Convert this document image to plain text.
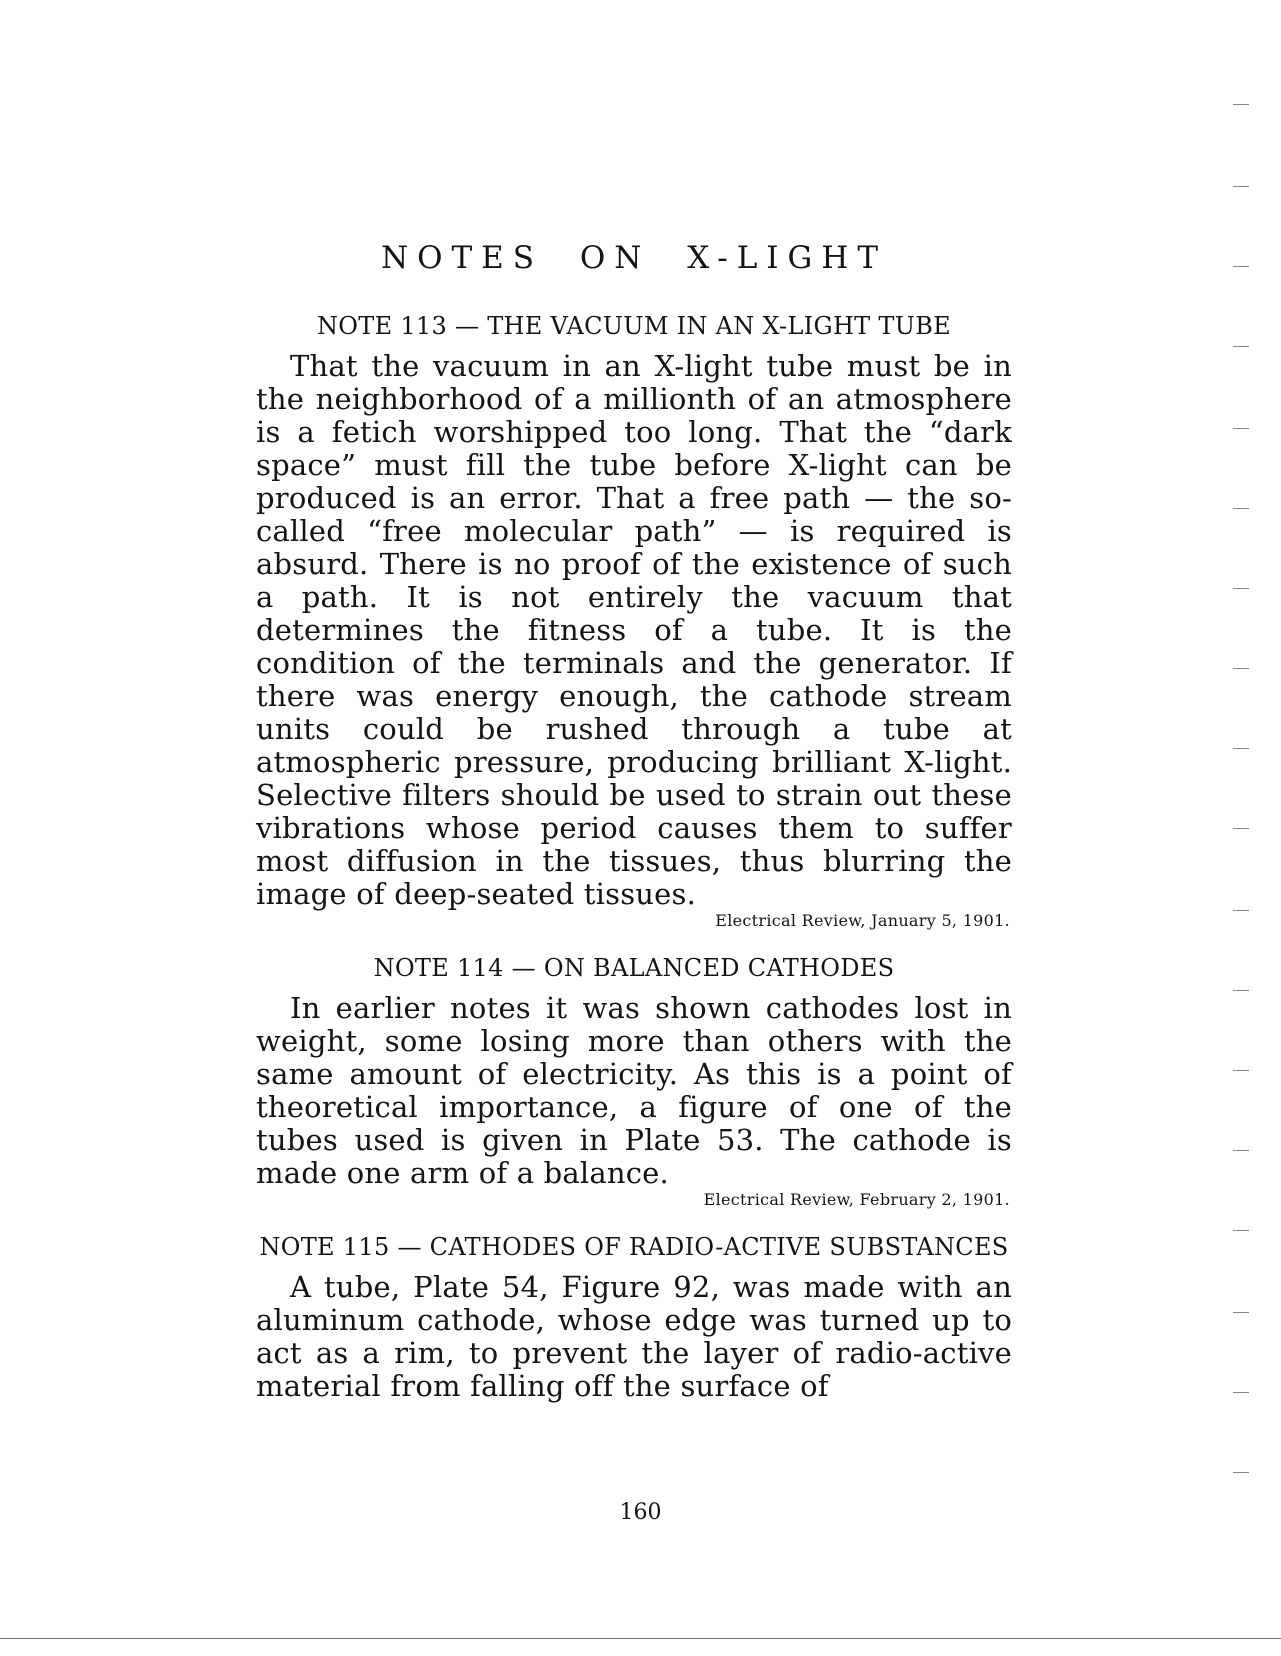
NOTES ON X-LIGHT
NOTE 113 — THE VACUUM IN AN X-LIGHT TUBE

That the vacuum in an X-light tube must be in the neighborhood of a millionth of an atmosphere is a fetich worshipped too long. That the “dark space” must fill the tube before X-light can be produced is an error. That a free path — the so-called “free molecular path” — is required is absurd. There is no proof of the existence of such a path. It is not entirely the vacuum that determines the fitness of a tube. It is the condition of the terminals and the generator. If there was energy enough, the cathode stream units could be rushed through a tube at atmospheric pressure, producing brilliant X-light. Selective filters should be used to strain out these vibrations whose period causes them to suffer most diffusion in the tissues, thus blurring the image of deep-seated tissues.

Electrical Review, January 5, 1901.

NOTE 114 — ON BALANCED CATHODES

In earlier notes it was shown cathodes lost in weight, some losing more than others with the same amount of electricity. As this is a point of theoretical importance, a figure of one of the tubes used is given in Plate 53. The cathode is made one arm of a balance.

Electrical Review, February 2, 1901.

NOTE 115 — CATHODES OF RADIO-ACTIVE SUBSTANCES

A tube, Plate 54, Figure 92, was made with an aluminum cathode, whose edge was turned up to act as a rim, to prevent the layer of radio-active material from falling off the surface of

160
